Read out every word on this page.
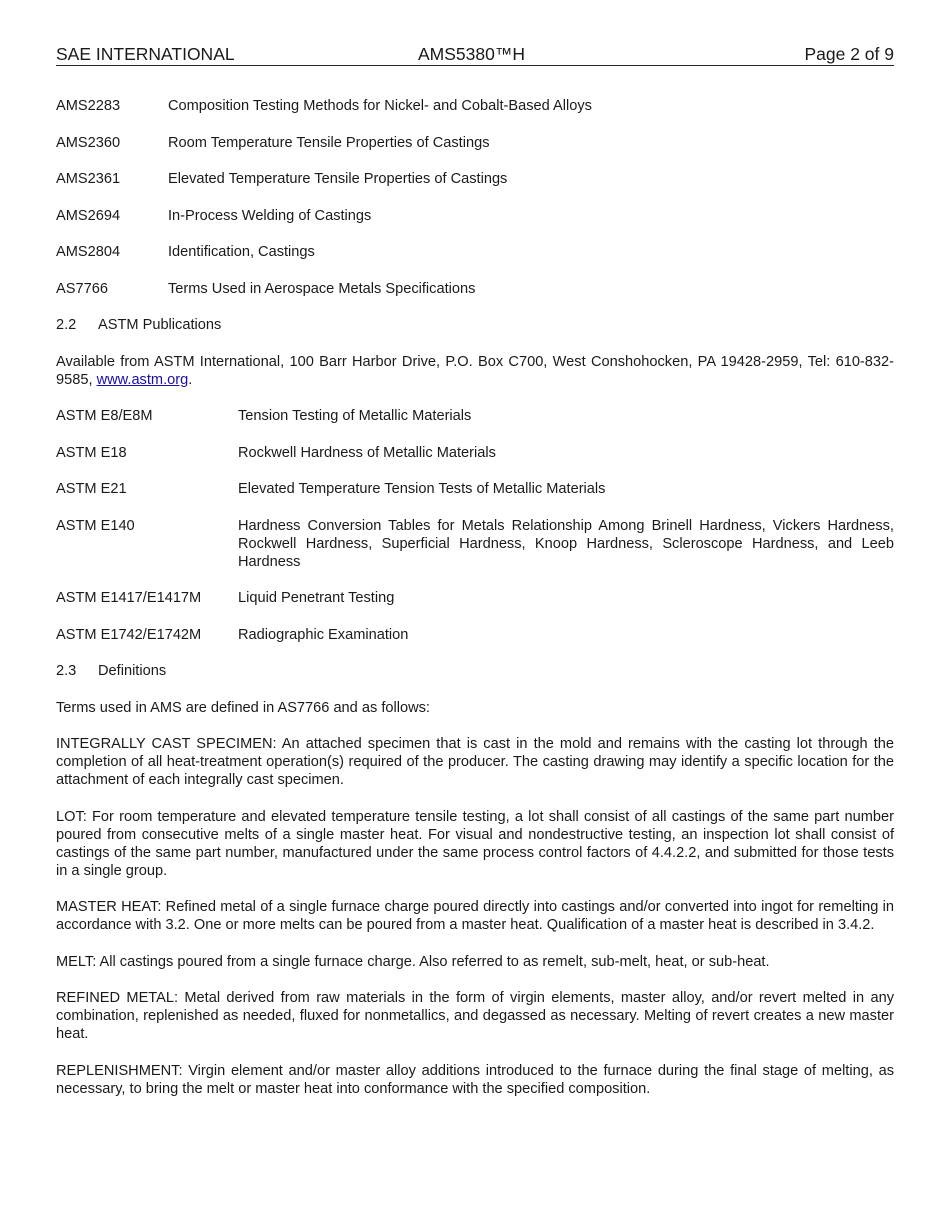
SAE INTERNATIONAL	AMS5380™H	Page 2 of 9
AMS2283	Composition Testing Methods for Nickel- and Cobalt-Based Alloys
AMS2360	Room Temperature Tensile Properties of Castings
AMS2361	Elevated Temperature Tensile Properties of Castings
AMS2694	In-Process Welding of Castings
AMS2804	Identification, Castings
AS7766	Terms Used in Aerospace Metals Specifications
2.2 ASTM Publications
Available from ASTM International, 100 Barr Harbor Drive, P.O. Box C700, West Conshohocken, PA 19428-2959, Tel: 610-832-9585, www.astm.org.
ASTM E8/E8M	Tension Testing of Metallic Materials
ASTM E18	Rockwell Hardness of Metallic Materials
ASTM E21	Elevated Temperature Tension Tests of Metallic Materials
ASTM E140	Hardness Conversion Tables for Metals Relationship Among Brinell Hardness, Vickers Hardness, Rockwell Hardness, Superficial Hardness, Knoop Hardness, Scleroscope Hardness, and Leeb Hardness
ASTM E1417/E1417M	Liquid Penetrant Testing
ASTM E1742/E1742M	Radiographic Examination
2.3 Definitions
Terms used in AMS are defined in AS7766 and as follows:
INTEGRALLY CAST SPECIMEN: An attached specimen that is cast in the mold and remains with the casting lot through the completion of all heat-treatment operation(s) required of the producer. The casting drawing may identify a specific location for the attachment of each integrally cast specimen.
LOT: For room temperature and elevated temperature tensile testing, a lot shall consist of all castings of the same part number poured from consecutive melts of a single master heat. For visual and nondestructive testing, an inspection lot shall consist of castings of the same part number, manufactured under the same process control factors of 4.4.2.2, and submitted for those tests in a single group.
MASTER HEAT: Refined metal of a single furnace charge poured directly into castings and/or converted into ingot for remelting in accordance with 3.2. One or more melts can be poured from a master heat. Qualification of a master heat is described in 3.4.2.
MELT: All castings poured from a single furnace charge. Also referred to as remelt, sub-melt, heat, or sub-heat.
REFINED METAL: Metal derived from raw materials in the form of virgin elements, master alloy, and/or revert melted in any combination, replenished as needed, fluxed for nonmetallics, and degassed as necessary. Melting of revert creates a new master heat.
REPLENISHMENT: Virgin element and/or master alloy additions introduced to the furnace during the final stage of melting, as necessary, to bring the melt or master heat into conformance with the specified composition.
